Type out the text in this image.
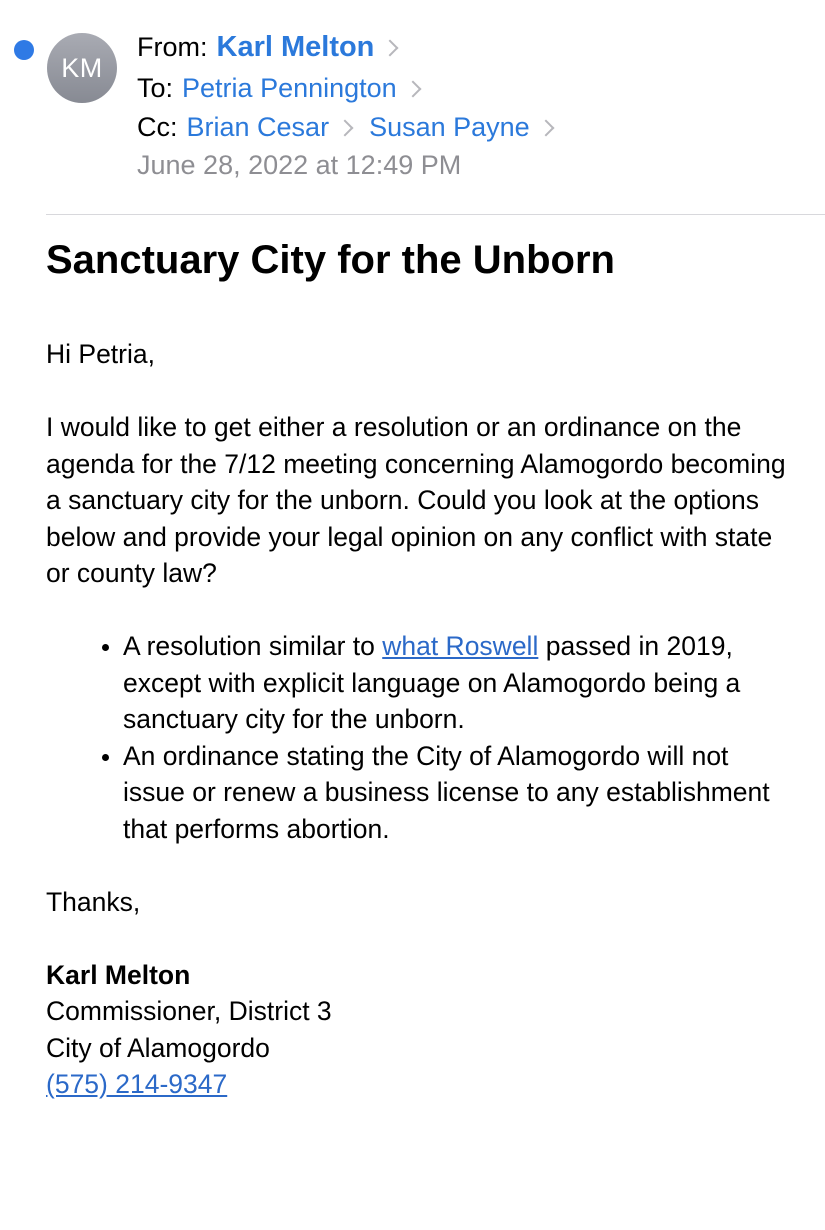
KM
From: Karl Melton
To: Petria Pennington
Cc: Brian Cesar Susan Payne
June 28, 2022 at 12:49 PM
Sanctuary City for the Unborn

Hi Petria,

I would like to get either a resolution or an ordinance on the agenda for the 7/12 meeting concerning Alamogordo becoming a sanctuary city for the unborn. Could you look at the options below and provide your legal opinion on any conflict with state or county law?

• A resolution similar to what Roswell passed in 2019, except with explicit language on Alamogordo being a sanctuary city for the unborn.
• An ordinance stating the City of Alamogordo will not issue or renew a business license to any establishment that performs abortion.

Thanks,

Karl Melton
Commissioner, District 3
City of Alamogordo
(575) 214-9347
